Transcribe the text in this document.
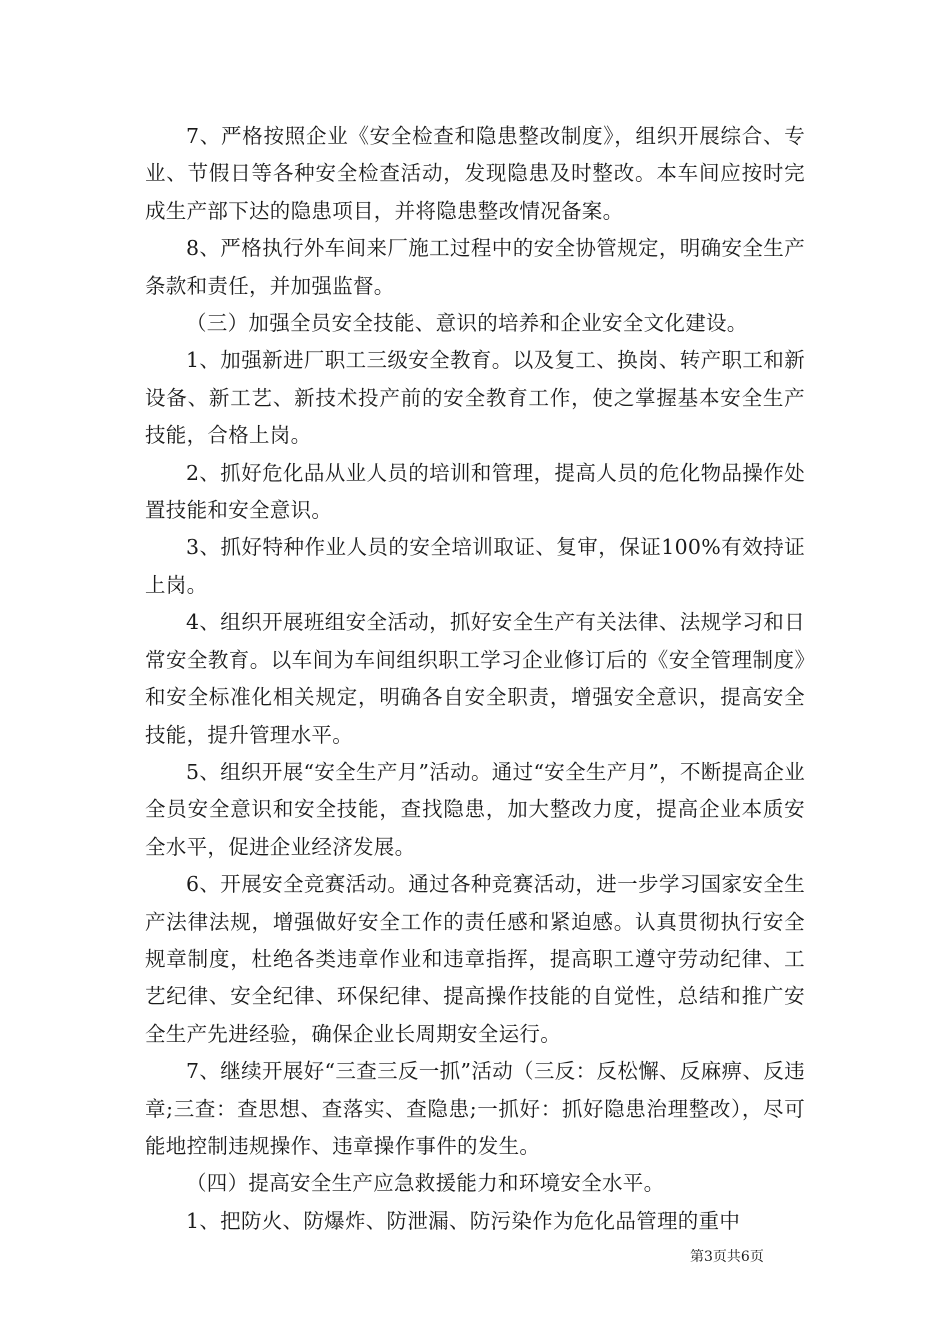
7、严格按照企业《安全检查和隐患整改制度》，组织开展综合、专业、节假日等各种安全检查活动，发现隐患及时整改。本车间应按时完成生产部下达的隐患项目，并将隐患整改情况备案。

8、严格执行外车间来厂施工过程中的安全协管规定，明确安全生产条款和责任，并加强监督。

（三）加强全员安全技能、意识的培养和企业安全文化建设。

1、加强新进厂职工三级安全教育。以及复工、换岗、转产职工和新设备、新工艺、新技术投产前的安全教育工作，使之掌握基本安全生产技能，合格上岗。

2、抓好危化品从业人员的培训和管理，提高人员的危化物品操作处置技能和安全意识。

3、抓好特种作业人员的安全培训取证、复审，保证100%有效持证上岗。

4、组织开展班组安全活动，抓好安全生产有关法律、法规学习和日常安全教育。以车间为车间组织职工学习企业修订后的《安全管理制度》和安全标准化相关规定，明确各自安全职责，增强安全意识，提高安全技能，提升管理水平。

5、组织开展“安全生产月”活动。通过“安全生产月”，不断提高企业全员安全意识和安全技能，查找隐患，加大整改力度，提高企业本质安全水平，促进企业经济发展。

6、开展安全竞赛活动。通过各种竞赛活动，进一步学习国家安全生产法律法规，增强做好安全工作的责任感和紧迫感。认真贯彻执行安全规章制度，杜绝各类违章作业和违章指挥，提高职工遵守劳动纪律、工艺纪律、安全纪律、环保纪律、提高操作技能的自觉性，总结和推广安全生产先进经验，确保企业长周期安全运行。

7、继续开展好“三查三反一抓”活动（三反：反松懈、反麻痹、反违章;三查：查思想、查落实、查隐患;一抓好：抓好隐患治理整改），尽可能地控制违规操作、违章操作事件的发生。

（四）提高安全生产应急救援能力和环境安全水平。

1、把防火、防爆炸、防泄漏、防污染作为危化品管理的重中

第3页共6页
